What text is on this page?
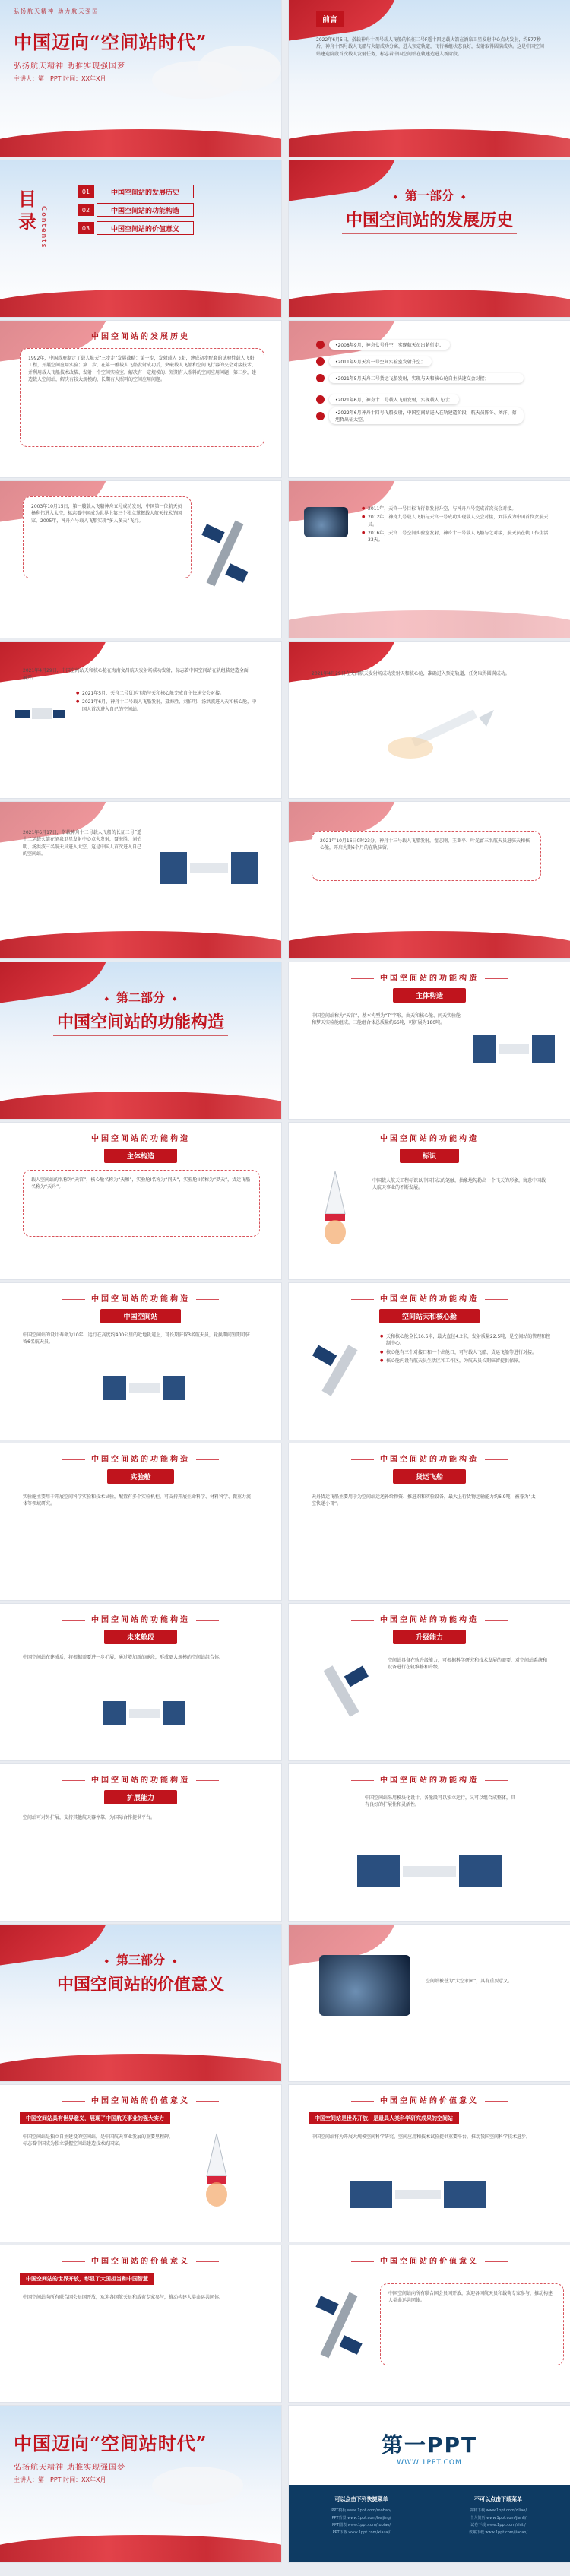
弘扬航天精神 助力航天强国
中国迈向“空间站时代”
弘扬航天精神 助推实现强国梦
主讲人：第一PPT 时间：XX年X月
前言
2022年6月5日，搭载神舟十四号载人飞船的长征二号F遥十四运载火箭在酒泉卫星发射中心点火发射，约577秒后，神舟十四号载人飞船与火箭成功分离，进入预定轨道，飞行乘组状态良好，发射取得圆满成功。这是中国空间站建造阶段首次载人发射任务，标志着中国空间站在轨建造进入新阶段。
目录 Contents
01	中国空间站的发展历史
02	中国空间站的功能构造
03	中国空间站的价值意义
◆ 第一部分 ◆
中国空间站的发展历史
中国空间站的发展历史
1992年，中国政府制定了载人航天“三步走”发展战略：第一步，发射载人飞船，建成初步配套的试验性载人飞船工程，开展空间应用实验；第二步，在第一艘载人飞船发射成功后，突破载人飞船和空间飞行器的交会对接技术，并利用载人飞船技术改装、发射一个空间实验室，解决有一定规模的、短期有人照料的空间应用问题；第三步，建造载人空间站，解决有较大规模的、长期有人照料的空间应用问题。
•2008年9月，神舟七号升空，实现航天员出舱行走；
•2011年9月天宫一号空间实验室发射升空；
•2021年5月天舟二号货运飞船发射，实现与天和核心舱自主快速交会对接；
•2021年6月，神舟十二号载人飞船发射，实现载人飞行；
•2022年6月神舟十四号飞船发射，中国空间站进入在轨建造阶段，航天员陈冬、刘洋、蔡旭哲出征太空。
2003年10月15日，第一艘载人飞船神舟五号成功发射，中国第一位航天员杨利伟进入太空，标志着中国成为世界上第三个独立掌握载人航天技术的国家。2005年，神舟六号载人飞船实现“多人多天”飞行。
● 2011年，天宫一号目标飞行器发射升空，与神舟八号完成首次交会对接。
● 2012年，神舟九号载人飞船与天宫一号成功实现载人交会对接，刘洋成为中国首位女航天员。
● 2016年，天宫二号空间实验室发射，神舟十一号载人飞船与之对接，航天员在轨工作生活33天。
2021年4月29日，中国空间站天和核心舱在海南文昌航天发射场成功发射，标志着中国空间站在轨组装建造全面展开。
● 2021年5月，天舟二号货运飞船与天和核心舱完成自主快速交会对接。
● 2021年6月，神舟十二号载人飞船发射，聂海胜、刘伯明、汤洪波进入天和核心舱，中国人首次进入自己的空间站。
2021年4月29日在文昌航天发射场成功发射天和核心舱，准确进入预定轨道，任务取得圆满成功。
2021年6月17日，搭载神舟十二号载人飞船的长征二号F遥十二运载火箭在酒泉卫星发射中心点火发射，聂海胜、刘伯明、汤洪波三名航天员进入太空，这是中国人首次进入自己的空间站。
2021年10月16日0时23分，神舟十三号载人飞船发射，翟志刚、王亚平、叶光富三名航天员进驻天和核心舱，开启为期6个月的在轨驻留。
◆ 第二部分 ◆
中国空间站的功能构造
中国空间站的功能构造
主体构造
中国空间站称为“天宫”，基本构型为“T”字形，由天和核心舱、问天实验舱和梦天实验舱组成，三舱组合体总质量约66吨，可扩展为180吨。
中国空间站的功能构造
主体构造
载人空间站的名称为“天宫”，核心舱名称为“天和”，实验舱I名称为“问天”，实验舱II名称为“梦天”，货运飞船名称为“天舟”。
中国空间站的功能构造
标识
中国载人航天工程标识以中国书法的笔触，抽象地勾勒出一个飞天的形象，寓意中国载人航天事业的不断发展。
中国空间站的功能构造
中国空间站
中国空间站的设计寿命为10年，运行在高度约400公里的近地轨道上，可长期驻留3名航天员，轮换期间短期可驻留6名航天员。
中国空间站的功能构造
空间站天和核心舱
● 天和核心舱全长16.6米，最大直径4.2米，发射质量22.5吨，是空间站的管理和控制中心。
● 核心舱有三个对接口和一个出舱口，可与载人飞船、货运飞船等进行对接。
● 核心舱内设有航天员生活区和工作区，为航天员长期驻留提供保障。
中国空间站的功能构造
实验舱
实验舱主要用于开展空间科学实验和技术试验，配置有多个实验机柜，可支持开展生命科学、材料科学、微重力流体等领域研究。
中国空间站的功能构造
货运飞船
天舟货运飞船主要用于为空间站运送补给物资、推进剂和实验设备，最大上行货物运输能力约6.9吨，被誉为“太空快递小哥”。
中国空间站的功能构造
未来舱段
中国空间站在建成后，将根据需要进一步扩展，通过增加新的舱段，形成更大规模的空间站组合体。
中国空间站的功能构造
升级能力
空间站具备在轨升级能力，可根据科学研究和技术发展的需要，对空间站系统和设备进行在轨维修和升级。
中国空间站的功能构造
扩展能力
空间站可对外扩展，支持其他航天器停靠，为国际合作提供平台。
中国空间站的功能构造
中国空间站采用模块化设计，各舱段可以独立运行，又可以组合成整体，具有良好的扩展性和灵活性。
◆ 第三部分 ◆
中国空间站的价值意义	空间站被誉为“太空家园”，具有重要意义。
中国空间站的价值意义
中国空间站具有世界意义，展现了中国航天事业的强大实力
中国空间站是独立自主建设的空间站，是中国航天事业发展的重要里程碑，标志着中国成为独立掌握空间站建造技术的国家。
中国空间站的价值意义
中国空间站是世界开放，是最具人类科学研究成果的空间站
中国空间站将为开展大规模空间科学研究、空间应用和技术试验提供重要平台，推动我国空间科学技术进步。
中国空间站的价值意义
中国空间站的世界开放，彰显了大国担当和中国智慧
中国空间站向所有联合国会员国开放，欢迎各国航天员和载荷专家参与，推动构建人类命运共同体。
中国空间站的价值意义
中国空间站向所有联合国会员国开放，欢迎各国航天员和载荷专家参与，推动构建人类命运共同体。
中国迈向“空间站时代”
弘扬航天精神 助推实现强国梦
主讲人：第一PPT 时间：XX年X月
第一PPT
WWW.1PPT.COM
可以点击下列快捷菜单
PPT模板 www.1ppt.com/moban/
PPT背景 www.1ppt.com/beijing/
PPT图表 www.1ppt.com/tubiao/
PPT下载 www.1ppt.com/xiazai/
不可以点击下载菜单
资料下载 www.1ppt.com/ziliao/
个人简历 www.1ppt.com/jianli/
试卷下载 www.1ppt.com/shiti/
教案下载 www.1ppt.com/jiaoan/
